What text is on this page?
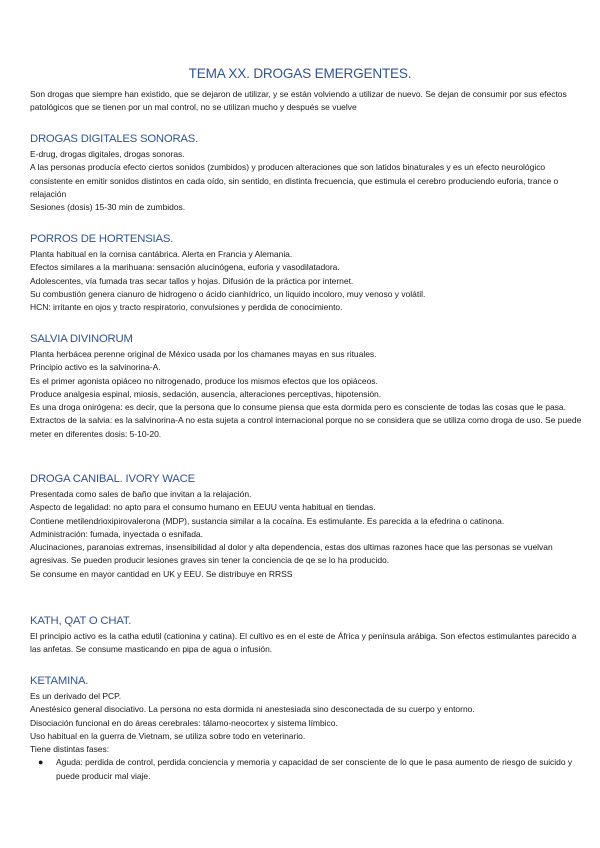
TEMA XX. DROGAS EMERGENTES.
Son drogas que siempre han existido, que se dejaron de utilizar, y se están volviendo a utilizar de nuevo. Se dejan de consumir por sus efectos patológicos que se tienen por un mal control, no se utilizan mucho y después se vuelve
DROGAS DIGITALES SONORAS.
E-drug, drogas digitales, drogas sonoras.
A las personas producía efecto ciertos sonidos (zumbidos) y producen alteraciones que son latidos binaturales y es un efecto neurológico consistente en emitir sonidos distintos en cada oído, sin sentido, en distinta frecuencia, que estimula el cerebro produciendo euforia, trance o relajación
Sesiones (dosis) 15-30 min de zumbidos.
PORROS DE HORTENSIAS.
Planta habitual en la cornisa cantábrica. Alerta en Francia y Alemania.
Efectos similares a la marihuana: sensación alucinógena, euforia y vasodilatadora.
Adolescentes, vía fumada tras secar tallos y hojas. Difusión de la práctica por internet.
Su combustión genera cianuro de hidrogeno o ácido cianhídrico, un liquido incoloro, muy venoso y volátil.
HCN: irritante en ojos y tracto respiratorio, convulsiones y perdida de conocimiento.
SALVIA DIVINORUM
Planta herbácea perenne original de México usada por los chamanes mayas en sus rituales.
Principio activo es la salvinorina-A.
Es el primer agonista opiáceo no nitrogenado, produce los mismos efectos que los opiáceos.
Produce analgesia espinal, miosis, sedación, ausencia, alteraciones perceptivas, hipotensión.
Es una droga onirógena: es decir, que la persona que lo consume piensa que esta dormida pero es consciente de todas las cosas que le pasa.
Extractos de la salvia: es la salvinorina-A no esta sujeta a control internacional porque no se considera que se utiliza como droga de uso. Se puede meter en diferentes dosis: 5-10-20.
DROGA CANIBAL. IVORY WACE
Presentada como sales de baño que invitan a la relajación.
Aspecto de legalidad: no apto para el consumo humano en EEUU venta habitual en tiendas.
Contiene metilendrioxipirovalerona (MDP), sustancia similar a la cocaína. Es estimulante. Es parecida a la efedrina o catinona.
Administración: fumada, inyectada o esnifada.
Alucinaciones, paranoias extremas, insensibilidad al dolor y alta dependencia, estas dos ultimas razones hace que las personas se vuelvan agresivas. Se pueden producir lesiones graves sin tener la conciencia de qe se lo ha producido.
Se consume en mayor cantidad en UK y EEU. Se distribuye en RRSS
KATH, QAT O CHAT.
El principio activo es la catha edutil (cationina y catina). El cultivo es en el este de África y península arábiga. Son efectos estimulantes parecido a las anfetas. Se consume masticando en pipa de agua o infusión.
KETAMINA.
Es un derivado del PCP.
Anestésico general disociativo. La persona no esta dormida ni anestesiada sino desconectada de su cuerpo y entorno.
Disociación funcional en do áreas cerebrales: tálamo-neocortex y sistema límbico.
Uso habitual en la guerra de Vietnam, se utiliza sobre todo en veterinario.
Tiene distintas fases:
● Aguda: perdida de control, perdida conciencia y memoria y capacidad de ser consciente de lo que le pasa aumento de riesgo de suicido y puede producir mal viaje.
